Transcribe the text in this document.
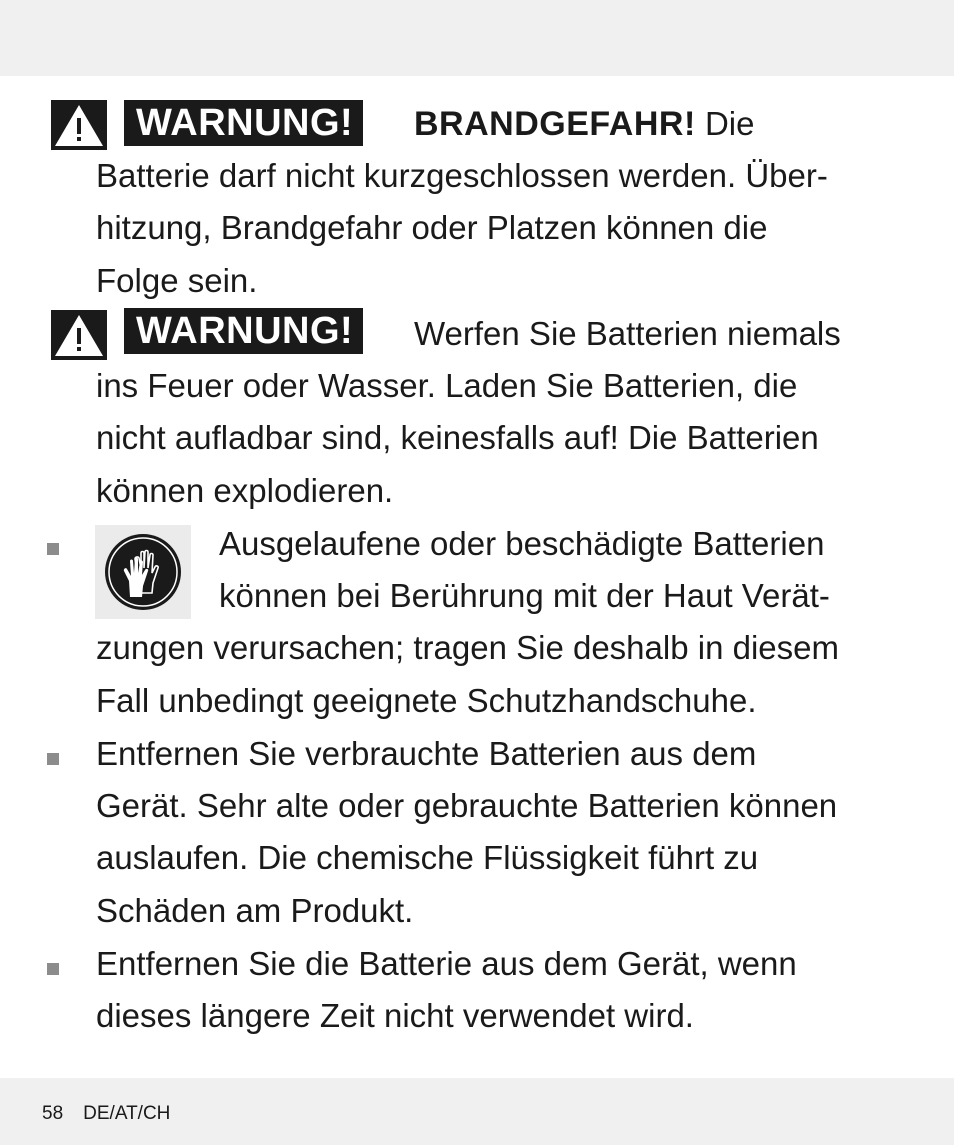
WARNUNG! BRANDGEFAHR! Die
Batterie darf nicht kurzgeschlossen werden. Über-
hitzung, Brandgefahr oder Platzen können die
Folge sein.
WARNUNG!	Werfen Sie Batterien niemals
ins Feuer oder Wasser. Laden Sie Batterien, die
nicht aufladbar sind, keinesfalls auf! Die Batterien
können explodieren.
Ausgelaufene oder beschädigte Batterien
können bei Berührung mit der Haut Verät-
zungen verursachen; tragen Sie deshalb in diesem
Fall unbedingt geeignete Schutzhandschuhe.
Entfernen Sie verbrauchte Batterien aus dem
Gerät. Sehr alte oder gebrauchte Batterien können
auslaufen. Die chemische Flüssigkeit führt zu
Schäden am Produkt.
Entfernen Sie die Batterie aus dem Gerät, wenn
dieses längere Zeit nicht verwendet wird.
58 DE/AT/CH
